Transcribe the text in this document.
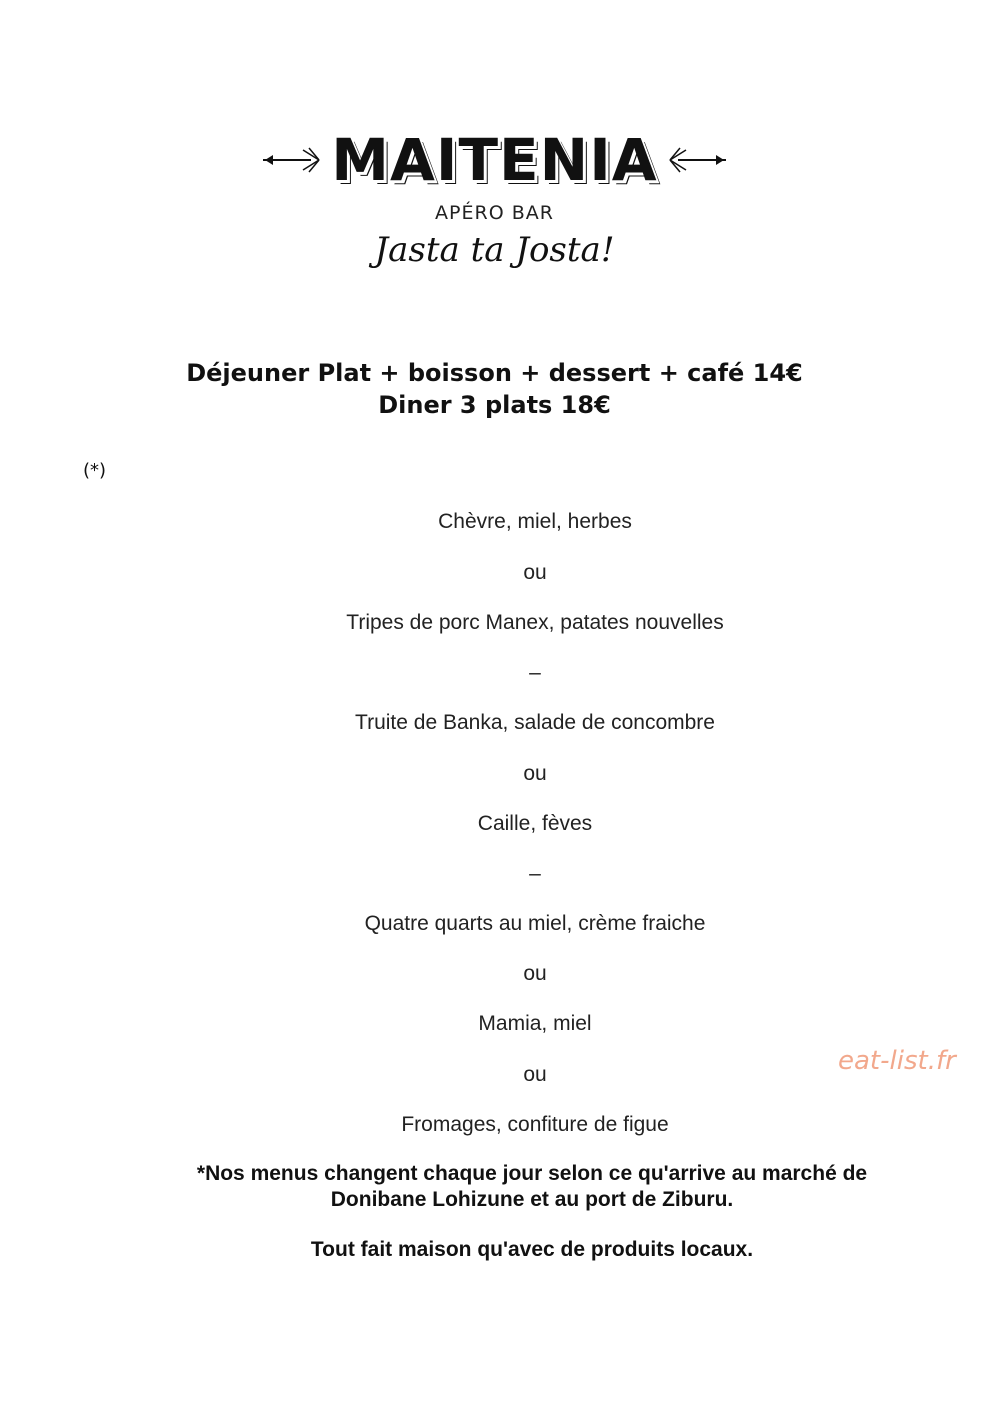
MAITENIA
APÉRO BAR
Jasta ta Josta!
Déjeuner Plat + boisson + dessert + café 14€
Diner 3 plats 18€
(*)
Chèvre, miel, herbes
ou
Tripes de porc Manex, patates nouvelles
–
Truite de Banka, salade de concombre
ou
Caille, fèves
–
Quatre quarts au miel, crème fraiche
ou
Mamia, miel
ou
Fromages, confiture de figue
*Nos menus changent chaque jour selon ce qu'arrive au marché de
Donibane Lohizune et au port de Ziburu.
Tout fait maison qu'avec de produits locaux.
eat-list.fr
